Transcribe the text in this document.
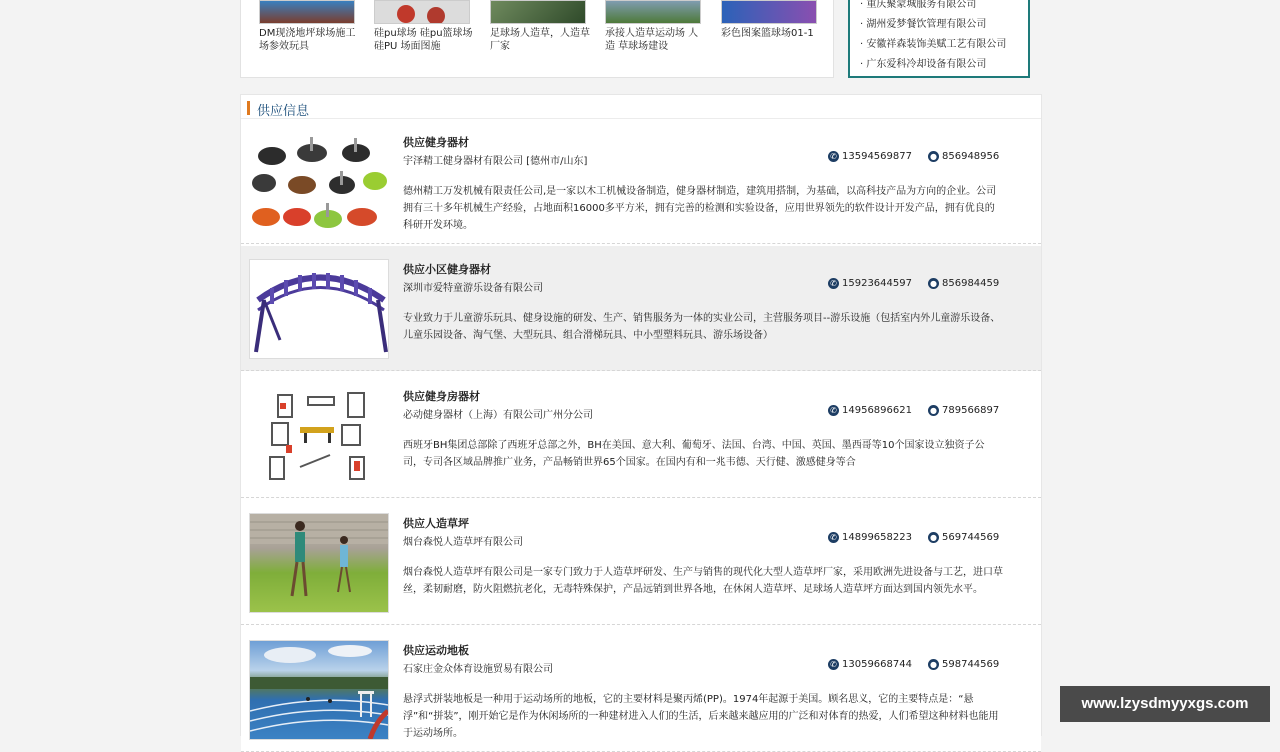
DM现浇地坪球场施工 场参效玩具
硅pu球场 硅pu篮球场 硅PU 场面图施
足球场人造草，人造草 厂家
承接人造草运动场 人造 草球场建设
彩色图案篮球场01-1
· 重庆聚蒙城服务有限公司
· 湖州爱梦餐饮管理有限公司
· 安徽祥森装饰美赋工艺有限公司
· 广东爱科冷却设备有限公司
供应信息
供应健身器材
宇泽精工健身器材有限公司 [德州市/山东]	✆ 13594569877 ● 856948956
德州精工万发机械有限责任公司,是一家以木工机械设备制造，健身器材制造，建筑用搭制，为基础，以高科技产品为方向的企业。公司拥有三十多年机械生产经验，占地面积16000多平方米，拥有完善的检测和实验设备，应用世界领先的软件设计开发产品，拥有优良的科研开发环境。
供应小区健身器材
深圳市爱特童游乐设备有限公司	✆ 15923644597 ● 856984459
专业致力于儿童游乐玩具、健身设施的研发、生产、销售服务为一体的实业公司，主营服务项目--游乐设施（包括室内外儿童游乐设备、儿童乐园设备、淘气堡、大型玩具、组合滑梯玩具、中小型塑料玩具、游乐场设备）
供应健身房器材
必动健身器材（上海）有限公司广州分公司	✆ 14956896621 ● 789566897
西班牙BH集团总部除了西班牙总部之外，BH在美国、意大利、葡萄牙、法国、台湾、中国、英国、墨西哥等10个国家设立独资子公司，专司各区域品牌推广业务，产品畅销世界65个国家。在国内有和一兆韦德、天行健、激感健身等合
供应人造草坪
烟台森悦人造草坪有限公司	✆ 14899658223 ● 569744569
烟台森悦人造草坪有限公司是一家专门致力于人造草坪研发、生产与销售的现代化大型人造草坪厂家，采用欧洲先进设备与工艺，进口草丝，柔韧耐磨，防火阻燃抗老化，无毒特殊保护，产品远销到世界各地，在休闲人造草坪、足球场人造草坪方面达到国内领先水平。
供应运动地板
石家庄金众体育设施贸易有限公司	✆ 13059668744 ● 598744569
悬浮式拼装地板是一种用于运动场所的地板，它的主要材料是聚丙烯(PP)。1974年起源于美国。顾名思义，它的主要特点是：“悬浮”和“拼装”，刚开始它是作为休闲场所的一种建材进入人们的生活，后来越来越应用的广泛和对体育的热爱，人们希望这种材料也能用于运动场所。
www.lzysdmyyxgs.com
